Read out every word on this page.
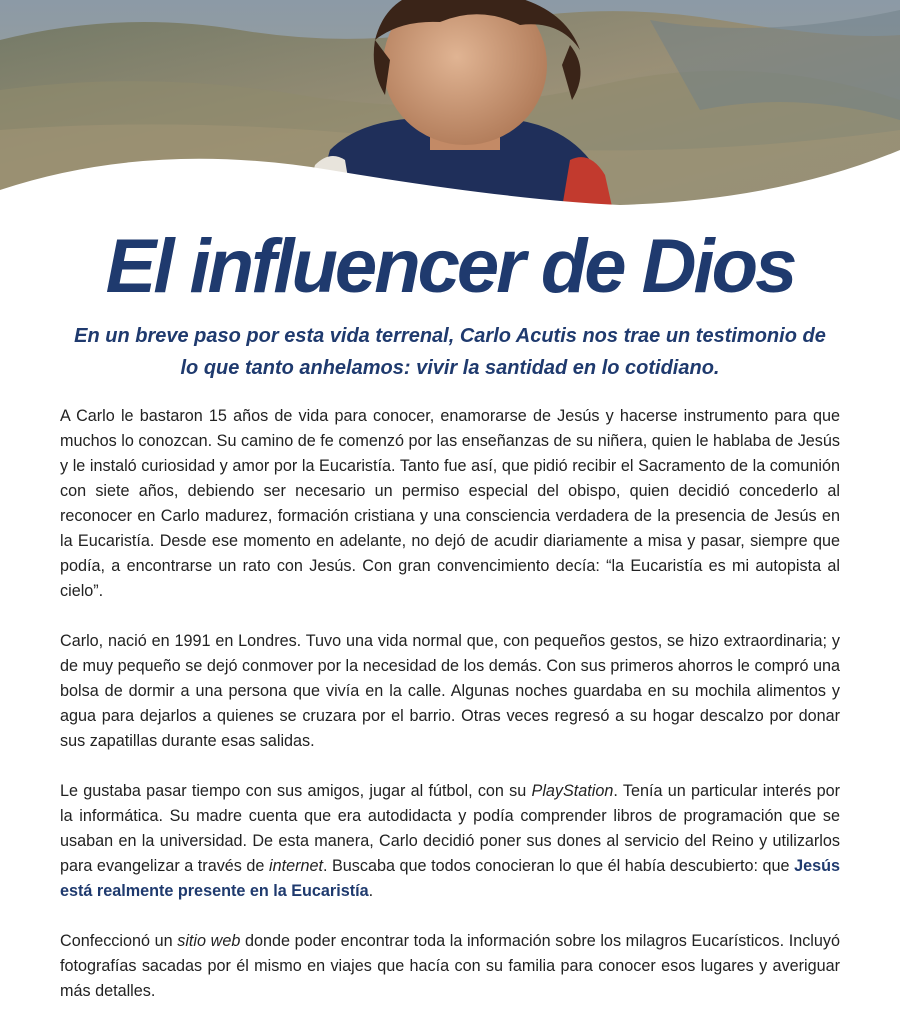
El influencer de Dios
En un breve paso por esta vida terrenal, Carlo Acutis nos trae un testimonio de lo que tanto anhelamos: vivir la santidad en lo cotidiano.

A Carlo le bastaron 15 años de vida para conocer, enamorarse de Jesús y hacerse instrumento para que muchos lo conozcan. Su camino de fe comenzó por las enseñanzas de su niñera, quien le hablaba de Jesús y le instaló curiosidad y amor por la Eucaristía. Tanto fue así, que pidió recibir el Sacramento de la comunión con siete años, debiendo ser necesario un permiso especial del obispo, quien decidió concederlo al reconocer en Carlo madurez, formación cristiana y una consciencia verdadera de la presencia de Jesús en la Eucaristía. Desde ese momento en adelante, no dejó de acudir diariamente a misa y pasar, siempre que podía, a encontrarse un rato con Jesús. Con gran convencimiento decía: “la Eucaristía es mi autopista al cielo”.

Carlo, nació en 1991 en Londres. Tuvo una vida normal que, con pequeños gestos, se hizo extraordinaria; y de muy pequeño se dejó conmover por la necesidad de los demás. Con sus primeros ahorros le compró una bolsa de dormir a una persona que vivía en la calle. Algunas noches guardaba en su mochila alimentos y agua para dejarlos a quienes se cruzara por el barrio. Otras veces regresó a su hogar descalzo por donar sus zapatillas durante esas salidas.

Le gustaba pasar tiempo con sus amigos, jugar al fútbol, con su PlayStation. Tenía un particular interés por la informática. Su madre cuenta que era autodidacta y podía comprender libros de programación que se usaban en la universidad. De esta manera, Carlo decidió poner sus dones al servicio del Reino y utilizarlos para evangelizar a través de internet. Buscaba que todos conocieran lo que él había descubierto: que Jesús está realmente presente en la Eucaristía.

Confeccionó un sitio web donde poder encontrar toda la información sobre los milagros Eucarísticos. Incluyó fotografías sacadas por él mismo en viajes que hacía con su familia para conocer esos lugares y averiguar más detalles.
